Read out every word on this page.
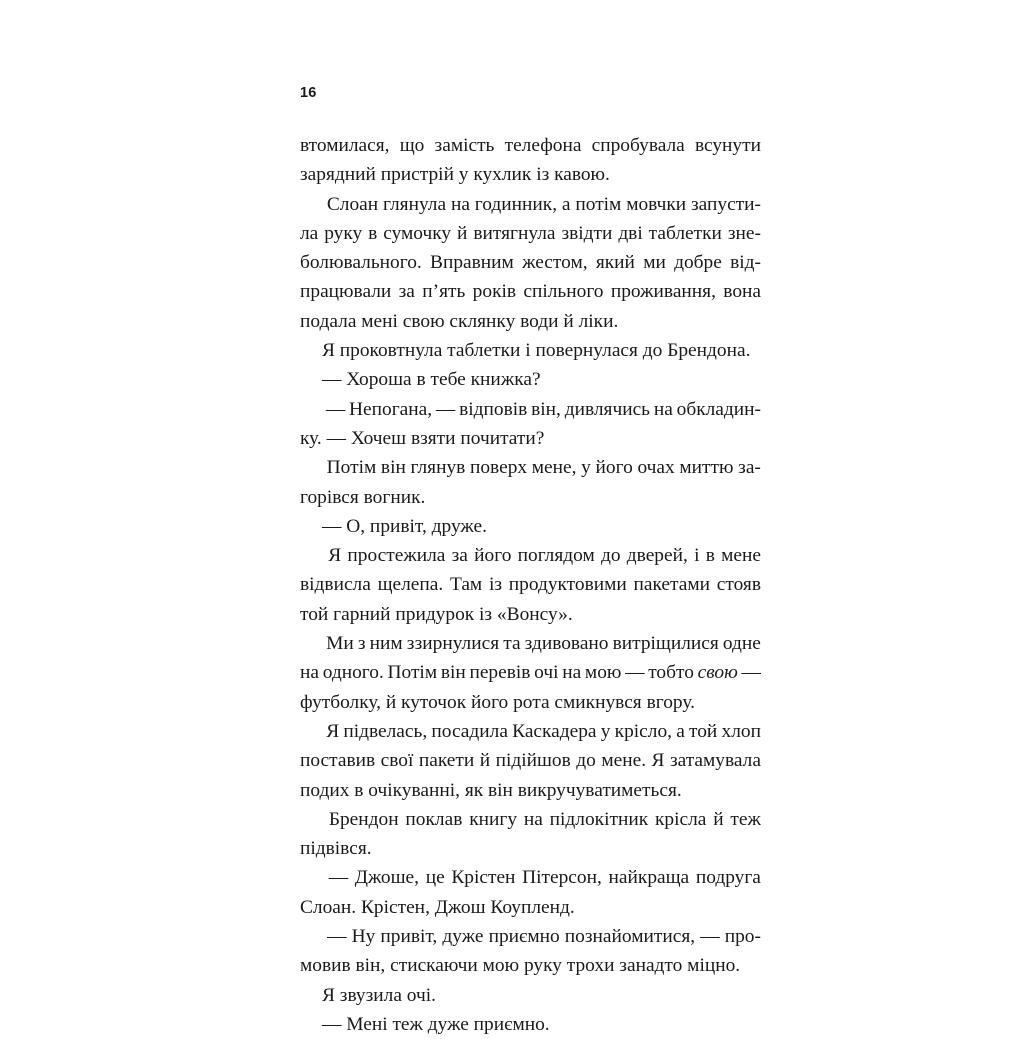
16

втомилася, що замість телефона спробувала всунути
зарядний пристрій у кухлик із кавою.

Слоан глянула на годинник, а потім мовчки запусти-
ла руку в сумочку й витягнула звідти дві таблетки зне-
болювального. Вправним жестом, який ми добре від-
працювали за п’ять років спільного проживання, вона
подала мені свою склянку води й ліки.

Я проковтнула таблетки і повернулася до Брендона.

— Хороша в тебе книжка?

— Непогана, — відповів він, дивлячись на обкладин-
ку. — Хочеш взяти почитати?

Потім він глянув поверх мене, у його очах миттю за-
горівся вогник.

— О, привіт, друже.

Я простежила за його поглядом до дверей, і в мене
відвисла щелепа. Там із продуктовими пакетами стояв
той гарний придурок із «Вонсу».

Ми з ним ззирнулися та здивовано витріщилися одне
на одного. Потім він перевів очі на мою — тобто свою —
футболку, й куточок його рота смикнувся вгору.

Я підвелась, посадила Каскадера у крісло, а той хлоп
поставив свої пакети й підійшов до мене. Я затамувала
подих в очікуванні, як він викручуватиметься.

Брендон поклав книгу на підлокітник крісла й теж
підвівся.

— Джоше, це Крістен Пітерсон, найкраща подруга
Слоан. Крістен, Джош Коупленд.

— Ну привіт, дуже приємно познайомитися, — про-
мовив він, стискаючи мою руку трохи занадто міцно.

Я звузила очі.

— Мені теж дуже приємно.
